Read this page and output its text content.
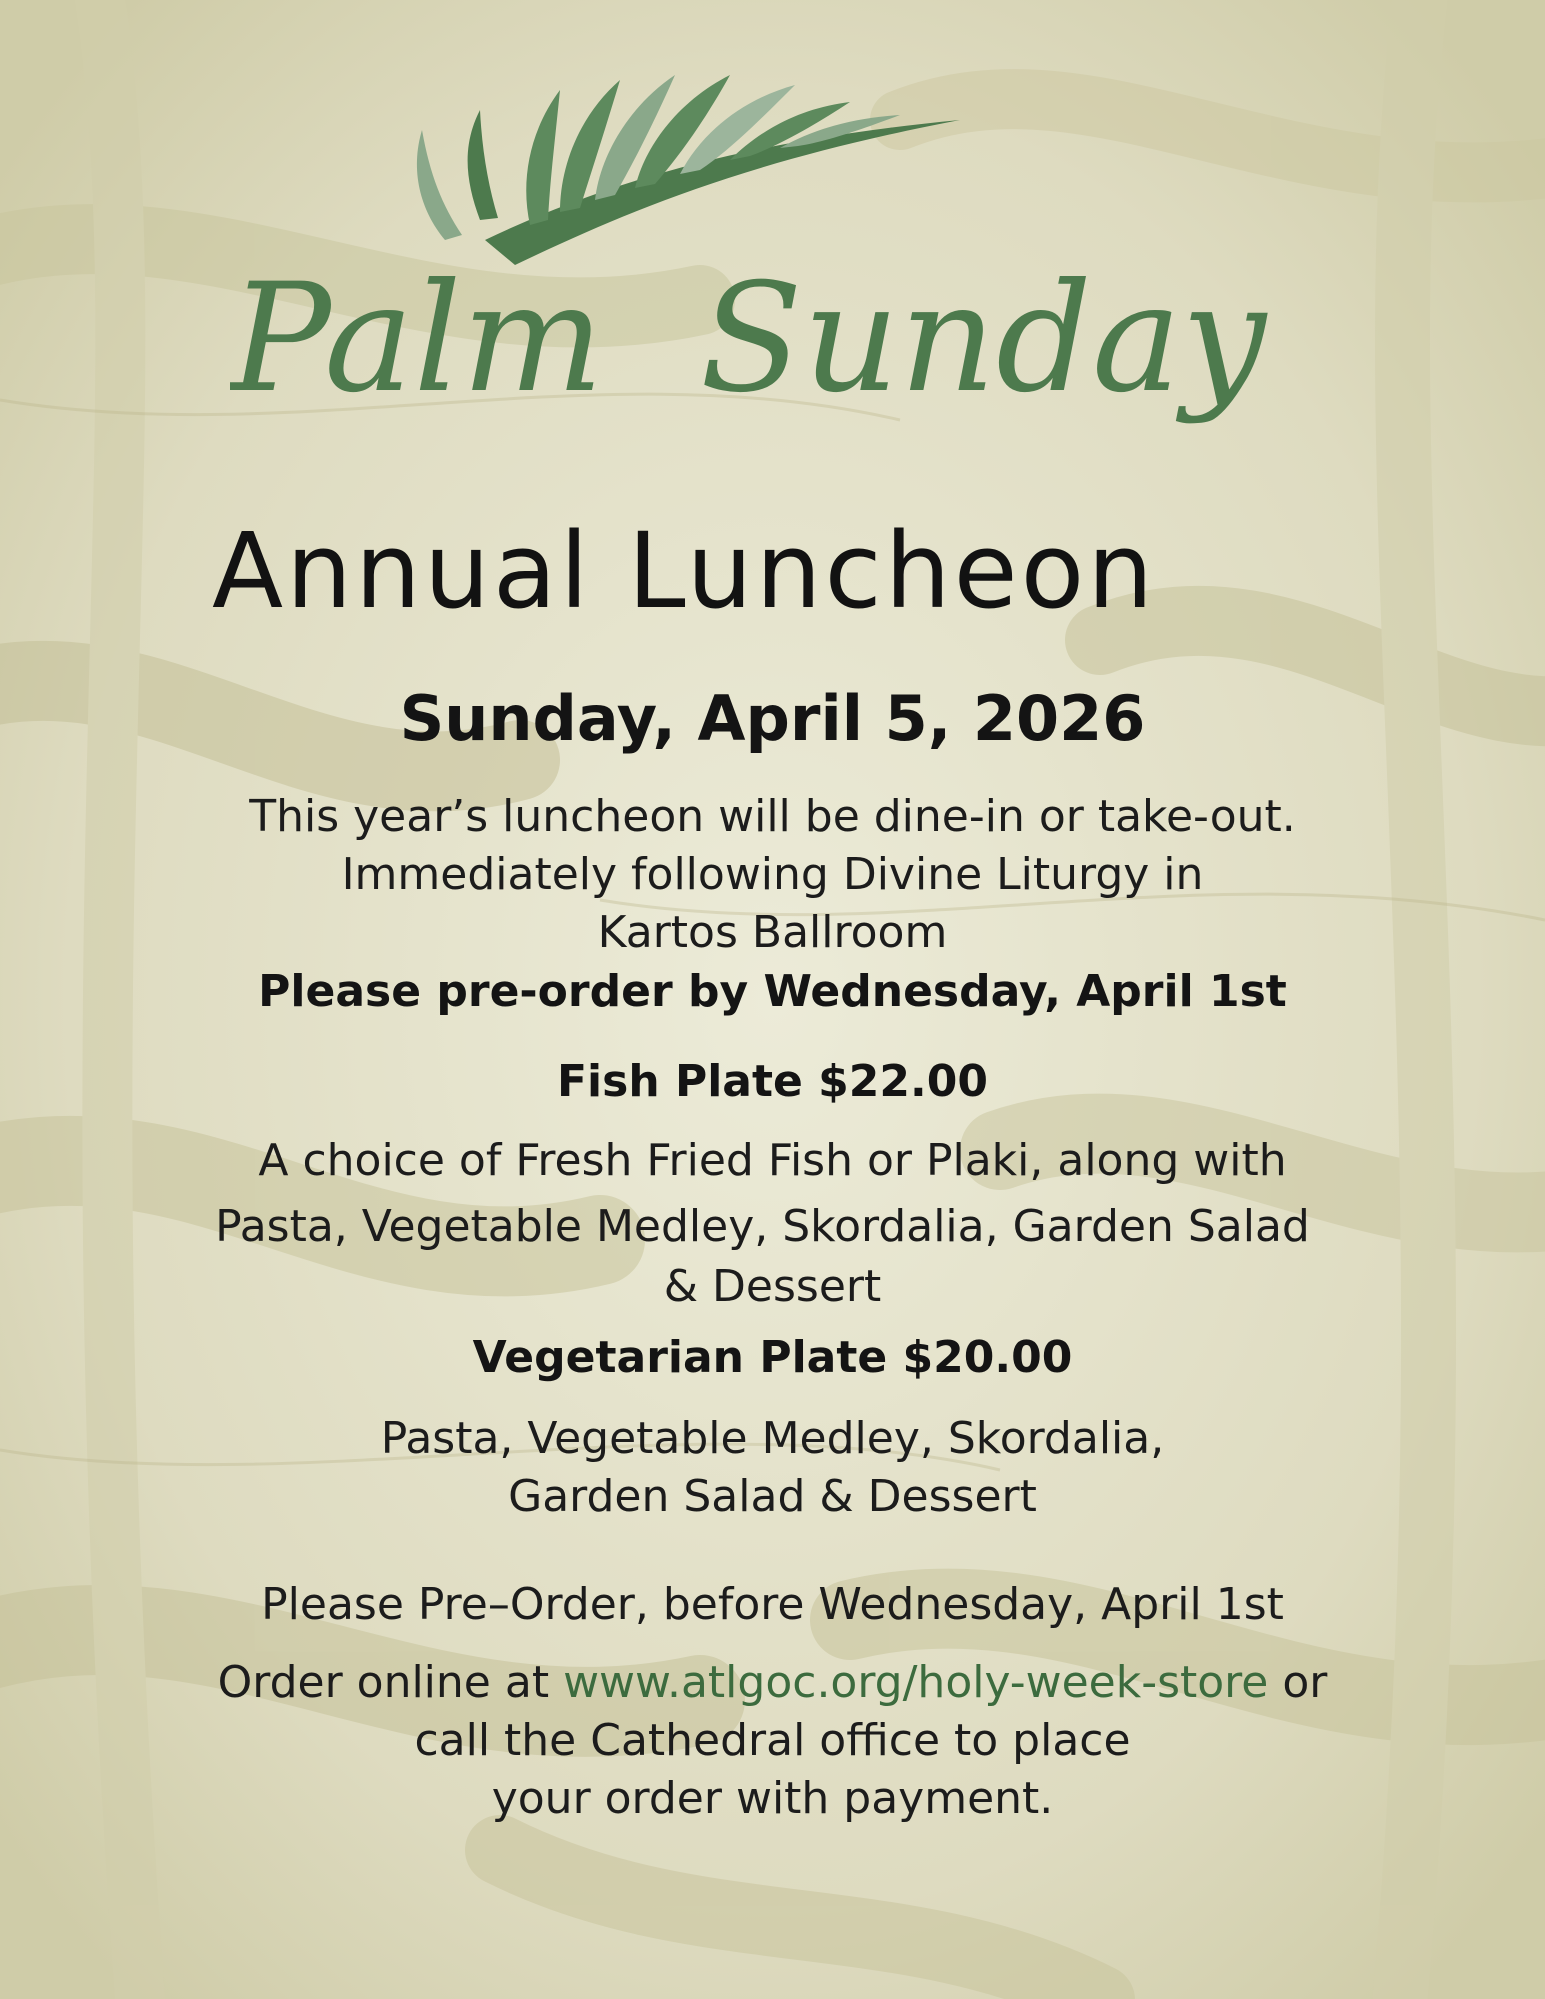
Palm Sunday
Annual Luncheon

Sunday, April 5, 2026

This year’s luncheon will be dine-in or take-out.

Immediately following Divine Liturgy in

Kartos Ballroom

Please pre-order by Wednesday, April 1st

Fish Plate $22.00

A choice of Fresh Fried Fish or Plaki, along with

Pasta, Vegetable Medley, Skordalia, Garden Salad

& Dessert

Vegetarian Plate $20.00

Pasta, Vegetable Medley, Skordalia,

Garden Salad & Dessert

Please Pre–Order, before Wednesday, April 1st

Order online at www.atlgoc.org/holy-week-store or

call the Cathedral office to place

your order with payment.
